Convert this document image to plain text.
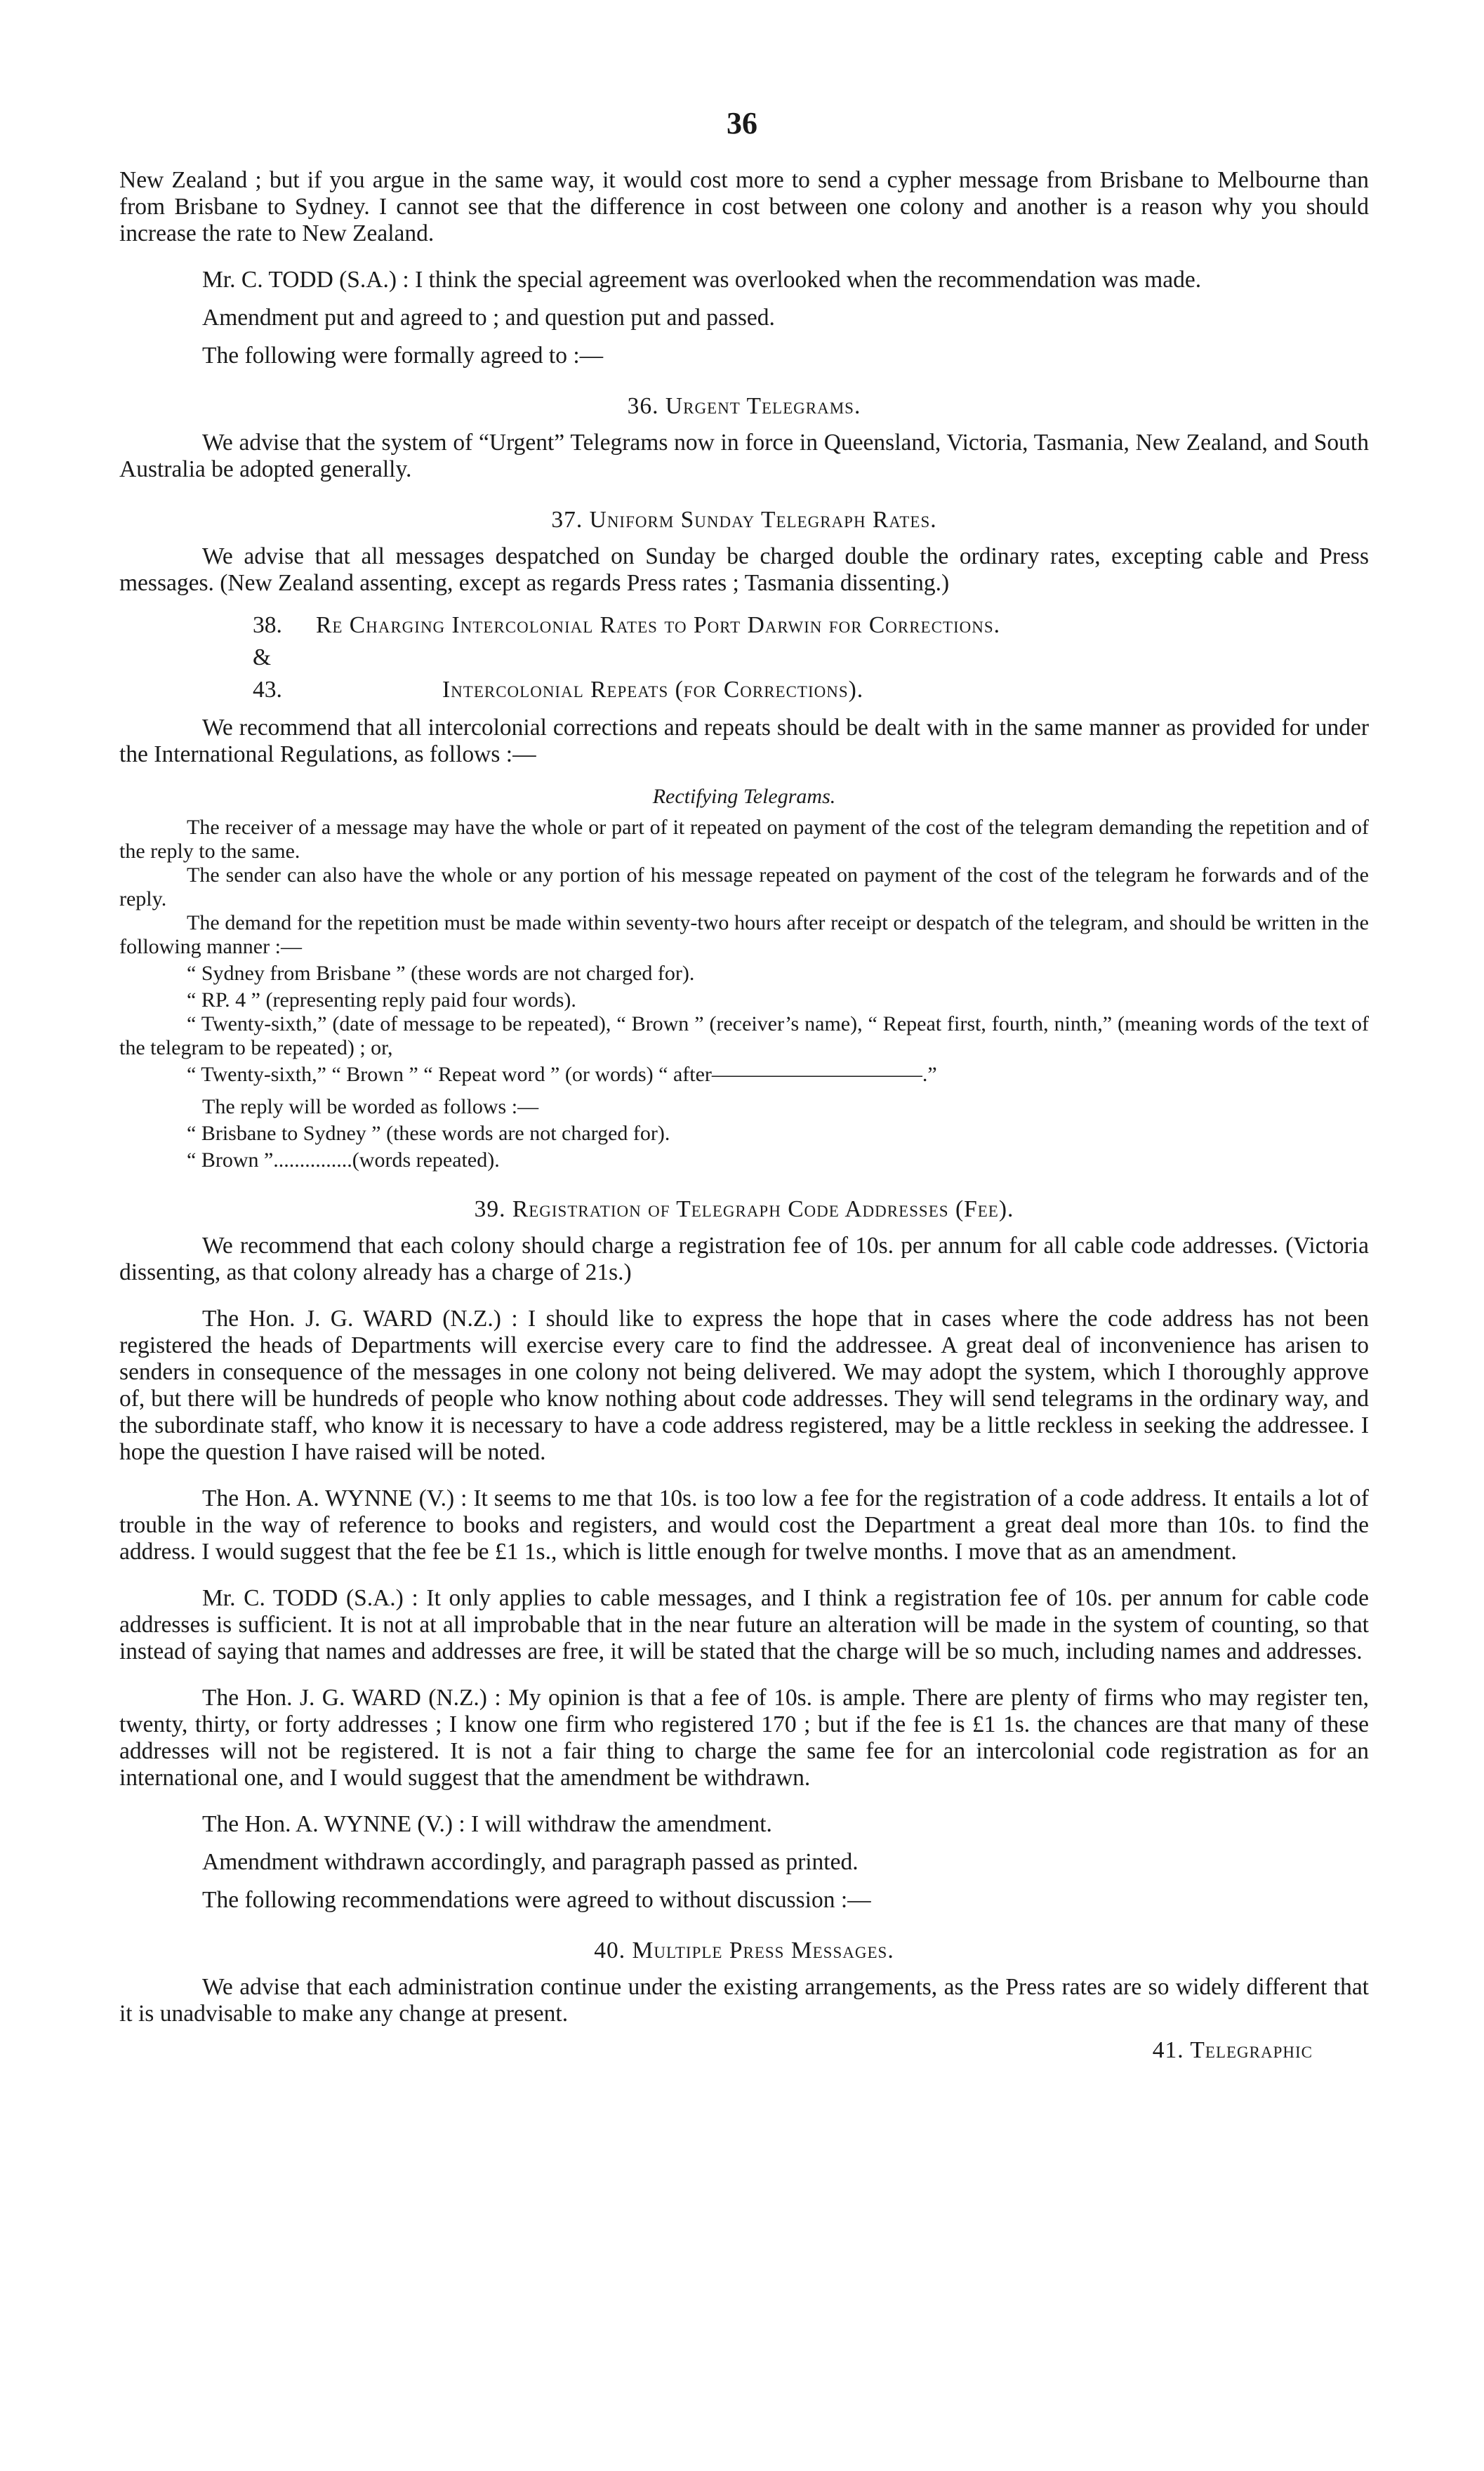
36

New Zealand ; but if you argue in the same way, it would cost more to send a cypher message from Brisbane to Melbourne than from Brisbane to Sydney. I cannot see that the difference in cost between one colony and another is a reason why you should increase the rate to New Zealand.

Mr. C. TODD (S.A.) : I think the special agreement was overlooked when the recommendation was made.

Amendment put and agreed to ; and question put and passed.

The following were formally agreed to :—

36. Urgent Telegrams.

We advise that the system of “Urgent” Telegrams now in force in Queensland, Victoria, Tasmania, New Zealand, and South Australia be adopted generally.

37. Uniform Sunday Telegraph Rates.

We advise that all messages despatched on Sunday be charged double the ordinary rates, excepting cable and Press messages. (New Zealand assenting, except as regards Press rates ; Tasmania dissenting.)

38.	Re Charging Intercolonial Rates to Port Darwin for Corrections.

&

43.	Intercolonial Repeats (for Corrections).

We recommend that all intercolonial corrections and repeats should be dealt with in the same manner as provided for under the International Regulations, as follows :—

Rectifying Telegrams.

The receiver of a message may have the whole or part of it repeated on payment of the cost of the telegram demanding the repetition and of the reply to the same.

The sender can also have the whole or any portion of his message repeated on payment of the cost of the telegram he forwards and of the reply.

The demand for the repetition must be made within seventy-two hours after receipt or despatch of the telegram, and should be written in the following manner :—

“ Sydney from Brisbane ” (these words are not charged for).

“ RP. 4 ” (representing reply paid four words).

“ Twenty-sixth,” (date of message to be repeated), “ Brown ” (receiver’s name), “ Repeat first, fourth, ninth,” (meaning words of the text of the telegram to be repeated) ; or,

“ Twenty-sixth,” “ Brown ” “ Repeat word ” (or words) “ after——————————.”

The reply will be worded as follows :—

“ Brisbane to Sydney ” (these words are not charged for).

“ Brown ”...............(words repeated).

39. Registration of Telegraph Code Addresses (Fee).

We recommend that each colony should charge a registration fee of 10s. per annum for all cable code addresses. (Victoria dissenting, as that colony already has a charge of 21s.)

The Hon. J. G. WARD (N.Z.) : I should like to express the hope that in cases where the code address has not been registered the heads of Departments will exercise every care to find the addressee. A great deal of inconvenience has arisen to senders in consequence of the messages in one colony not being delivered. We may adopt the system, which I thoroughly approve of, but there will be hundreds of people who know nothing about code addresses. They will send telegrams in the ordinary way, and the subordinate staff, who know it is necessary to have a code address registered, may be a little reckless in seeking the addressee. I hope the question I have raised will be noted.

The Hon. A. WYNNE (V.) : It seems to me that 10s. is too low a fee for the registration of a code address. It entails a lot of trouble in the way of reference to books and registers, and would cost the Department a great deal more than 10s. to find the address. I would suggest that the fee be £1 1s., which is little enough for twelve months. I move that as an amendment.

Mr. C. TODD (S.A.) : It only applies to cable messages, and I think a registration fee of 10s. per annum for cable code addresses is sufficient. It is not at all improbable that in the near future an alteration will be made in the system of counting, so that instead of saying that names and addresses are free, it will be stated that the charge will be so much, including names and addresses.

The Hon. J. G. WARD (N.Z.) : My opinion is that a fee of 10s. is ample. There are plenty of firms who may register ten, twenty, thirty, or forty addresses ; I know one firm who registered 170 ; but if the fee is £1 1s. the chances are that many of these addresses will not be registered. It is not a fair thing to charge the same fee for an intercolonial code registration as for an international one, and I would suggest that the amendment be withdrawn.

The Hon. A. WYNNE (V.) : I will withdraw the amendment.

Amendment withdrawn accordingly, and paragraph passed as printed.

The following recommendations were agreed to without discussion :—

40. Multiple Press Messages.

We advise that each administration continue under the existing arrangements, as the Press rates are so widely different that it is unadvisable to make any change at present.

41. Telegraphic
